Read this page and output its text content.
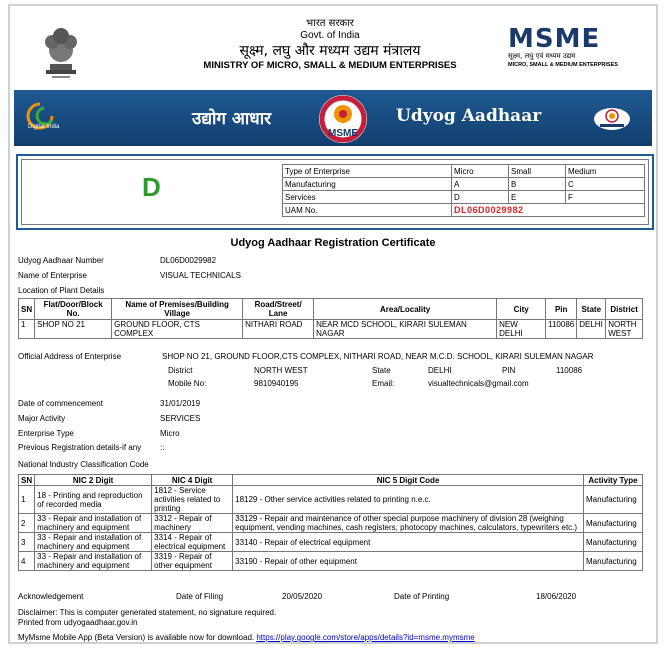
भारत सरकार
Govt. of India
सूक्ष्म, लघु और मध्यम उद्यम मंत्रालय
MINISTRY OF MICRO, SMALL & MEDIUM ENTERPRISES
MSME
सूक्ष्म, लघु एवं मध्यम उद्यम
MICRO, SMALL & MEDIUM ENTERPRISES
Digital India	उद्योग आधार
MSME
Udyog Aadhaar
D
Type of Enterprise	Micro	Small	Medium
Manufacturing	A	B	C
Services	D	E	F
UAM No.	DL06D0029982		
Udyog Aadhaar Registration Certificate
Udyog Aadhaar Number	DL06D0029982
Name of Enterprise	VISUAL TECHNICALS
Location of Plant Details
SN	Flat/Door/Block No.	Name of Premises/Building Village	Road/Street/ Lane	Area/Locality	City	Pin	State	District
1	SHOP NO 21	GROUND FLOOR, CTS COMPLEX	NITHARI ROAD	NEAR MCD SCHOOL, KIRARI SULEMAN NAGAR	NEW DELHI	110086	DELHI	NORTH WEST
Official Address of Enterprise	SHOP NO 21, GROUND FLOOR,CTS COMPLEX, NITHARI ROAD, NEAR M.C.D. SCHOOL, KIRARI SULEMAN NAGAR
District	NORTH WEST	State	DELHI	PIN	110086
Mobile No:	9810940195	Email:	visualtechnicals@gmail.com
Date of commencement	31/01/2019
Major Activity	SERVICES
Enterprise Type	Micro
Previous Registration details-if any ::
National Industry Classification Code
SN	NIC 2 Digit	NIC 4 Digit	NIC 5 Digit Code	Activity Type
1	18 - Printing and reproduction of recorded media	1812 - Service activities related to printing	18129 - Other service activities related to printing n.e.c.	Manufacturing
2	33 - Repair and installation of machinery and equipment	3312 - Repair of machinery	33129 - Repair and maintenance of other special purpose machinery of division 28 (weighing equipment, vending machines, cash registers, photocopy machines, calculators, typewriters etc.)	Manufacturing
3	33 - Repair and installation of machinery and equipment	3314 - Repair of electrical equipment	33140 - Repair of electrical equipment	Manufacturing
4	33 - Repair and installation of machinery and equipment	3319 - Repair of other equipment	33190 - Repair of other equipment	Manufacturing
Acknowledgement	Date of Filing	20/05/2020	Date of Printing	18/06/2020
Disclaimer: This is computer generated statement, no signature required.
Printed from udyogaadhaar.gov.in
MyMsme Mobile App (Beta Version) is available now for download. https://play.google.com/store/apps/details?id=msme.mymsme
